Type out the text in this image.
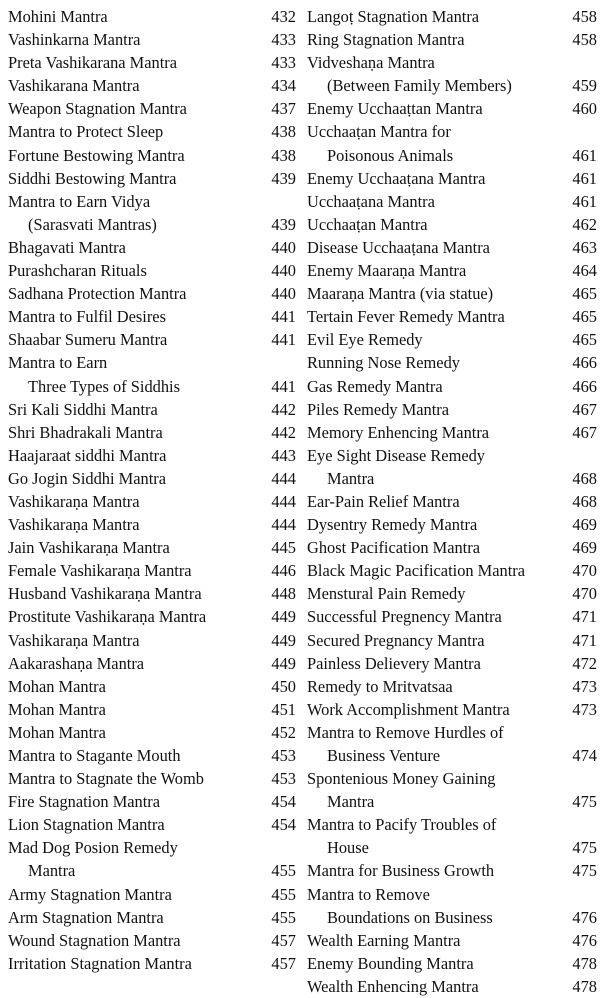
Mohini Mantra	432
Vashinkarna Mantra	433
Preta Vashikarana Mantra	433
Vashikarana Mantra	434
Weapon Stagnation Mantra	437
Mantra to Protect Sleep	438
Fortune Bestowing Mantra	438
Siddhi Bestowing Mantra	439
Mantra to Earn Vidya
(Sarasvati Mantras)	439
Bhagavati Mantra	440
Purashcharan Rituals	440
Sadhana Protection Mantra	440
Mantra to Fulfil Desires	441
Shaabar Sumeru Mantra	441
Mantra to Earn
Three Types of Siddhis	441
Sri Kali Siddhi Mantra	442
Shri Bhadrakali Mantra	442
Haajaraat siddhi Mantra	443
Go Jogin Siddhi Mantra	444
Vashikaraṇa Mantra	444
Vashikaraṇa Mantra	444
Jain Vashikaraṇa Mantra	445
Female Vashikaraṇa Mantra	446
Husband Vashikaraṇa Mantra	448
Prostitute Vashikaraṇa Mantra	449
Vashikaraṇa Mantra	449
Aakarashaṇa Mantra	449
Mohan Mantra	450
Mohan Mantra	451
Mohan Mantra	452
Mantra to Stagante Mouth	453
Mantra to Stagnate the Womb	453
Fire Stagnation Mantra	454
Lion Stagnation Mantra	454
Mad Dog Posion Remedy
Mantra	455
Army Stagnation Mantra	455
Arm Stagnation Mantra	455
Wound Stagnation Mantra	457
Irritation Stagnation Mantra	457
Langoṭ Stagnation Mantra	458
Ring Stagnation Mantra	458
Vidveshaṇa Mantra
(Between Family Members)	459
Enemy Ucchaaṭtan Mantra	460
Ucchaaṭan Mantra for
Poisonous Animals	461
Enemy Ucchaaṭana Mantra	461
Ucchaaṭana Mantra	461
Ucchaaṭan Mantra	462
Disease Ucchaaṭana Mantra	463
Enemy Maaraṇa Mantra	464
Maaraṇa Mantra (via statue)	465
Tertain Fever Remedy Mantra	465
Evil Eye Remedy	465
Running Nose Remedy	466
Gas Remedy Mantra	466
Piles Remedy Mantra	467
Memory Enhencing Mantra	467
Eye Sight Disease Remedy
Mantra	468
Ear-Pain Relief Mantra	468
Dysentry Remedy Mantra	469
Ghost Pacification Mantra	469
Black Magic Pacification Mantra	470
Menstural Pain Remedy	470
Successful Pregnency Mantra	471
Secured Pregnancy Mantra	471
Painless Delievery Mantra	472
Remedy to Mritvatsaa	473
Work Accomplishment Mantra	473
Mantra to Remove Hurdles of
Business Venture	474
Spontenious Money Gaining
Mantra	475
Mantra to Pacify Troubles of
House	475
Mantra for Business Growth	475
Mantra to Remove
Boundations on Business	476
Wealth Earning Mantra	476
Enemy Bounding Mantra	478
Wealth Enhencing Mantra	478
